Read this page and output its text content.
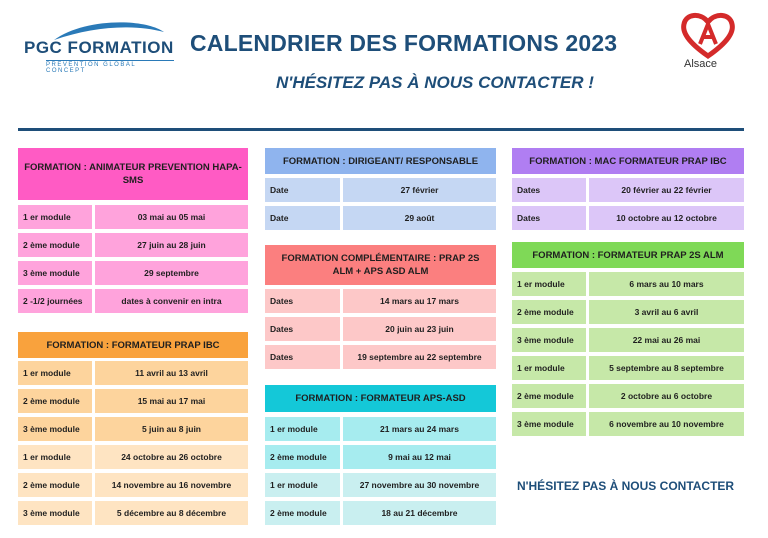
PGC FORMATION
PREVENTION GLOBAL CONCEPT
CALENDRIER DES FORMATIONS 2023
N'HÉSITEZ PAS À NOUS CONTACTER !
Alsace
FORMATION : ANIMATEUR PREVENTION HAPA-SMS
1 er module	03 mai au 05 mai
2 ème module	27 juin au 28 juin
3 ème module	29 septembre
2 -1/2 journées	dates à convenir en intra
FORMATION : FORMATEUR PRAP IBC
1 er module	11 avril au 13 avril
2 ème module	15 mai au 17 mai
3 ème module	5 juin au 8 juin
1 er module	24 octobre au 26 octobre
2 ème module	14 novembre au 16 novembre
3 ème module	5 décembre au 8 décembre
FORMATION : DIRIGEANT/ RESPONSABLE
Date	27 février
Date	29 août
FORMATION COMPLÉMENTAIRE : PRAP 2S ALM + APS ASD ALM
Dates	14 mars au 17 mars
Dates	20 juin au 23 juin
Dates	19 septembre au 22 septembre
FORMATION : FORMATEUR APS-ASD
1 er module	21 mars au 24 mars
2 ème module	9 mai au 12 mai
1 er module	27 novembre au 30 novembre
2 ème module	18 au 21 décembre
FORMATION : MAC FORMATEUR PRAP IBC
Dates	20 février au 22 février
Dates	10 octobre au 12 octobre
FORMATION : FORMATEUR PRAP 2S ALM
1 er module	6 mars au 10 mars
2 ème module	3 avril au 6 avril
3 ème module	22 mai au 26 mai
1 er module	5 septembre au 8 septembre
2 ème module	2 octobre au 6 octobre
3 ème module	6 novembre au 10 novembre
N'HÉSITEZ PAS À NOUS CONTACTER
